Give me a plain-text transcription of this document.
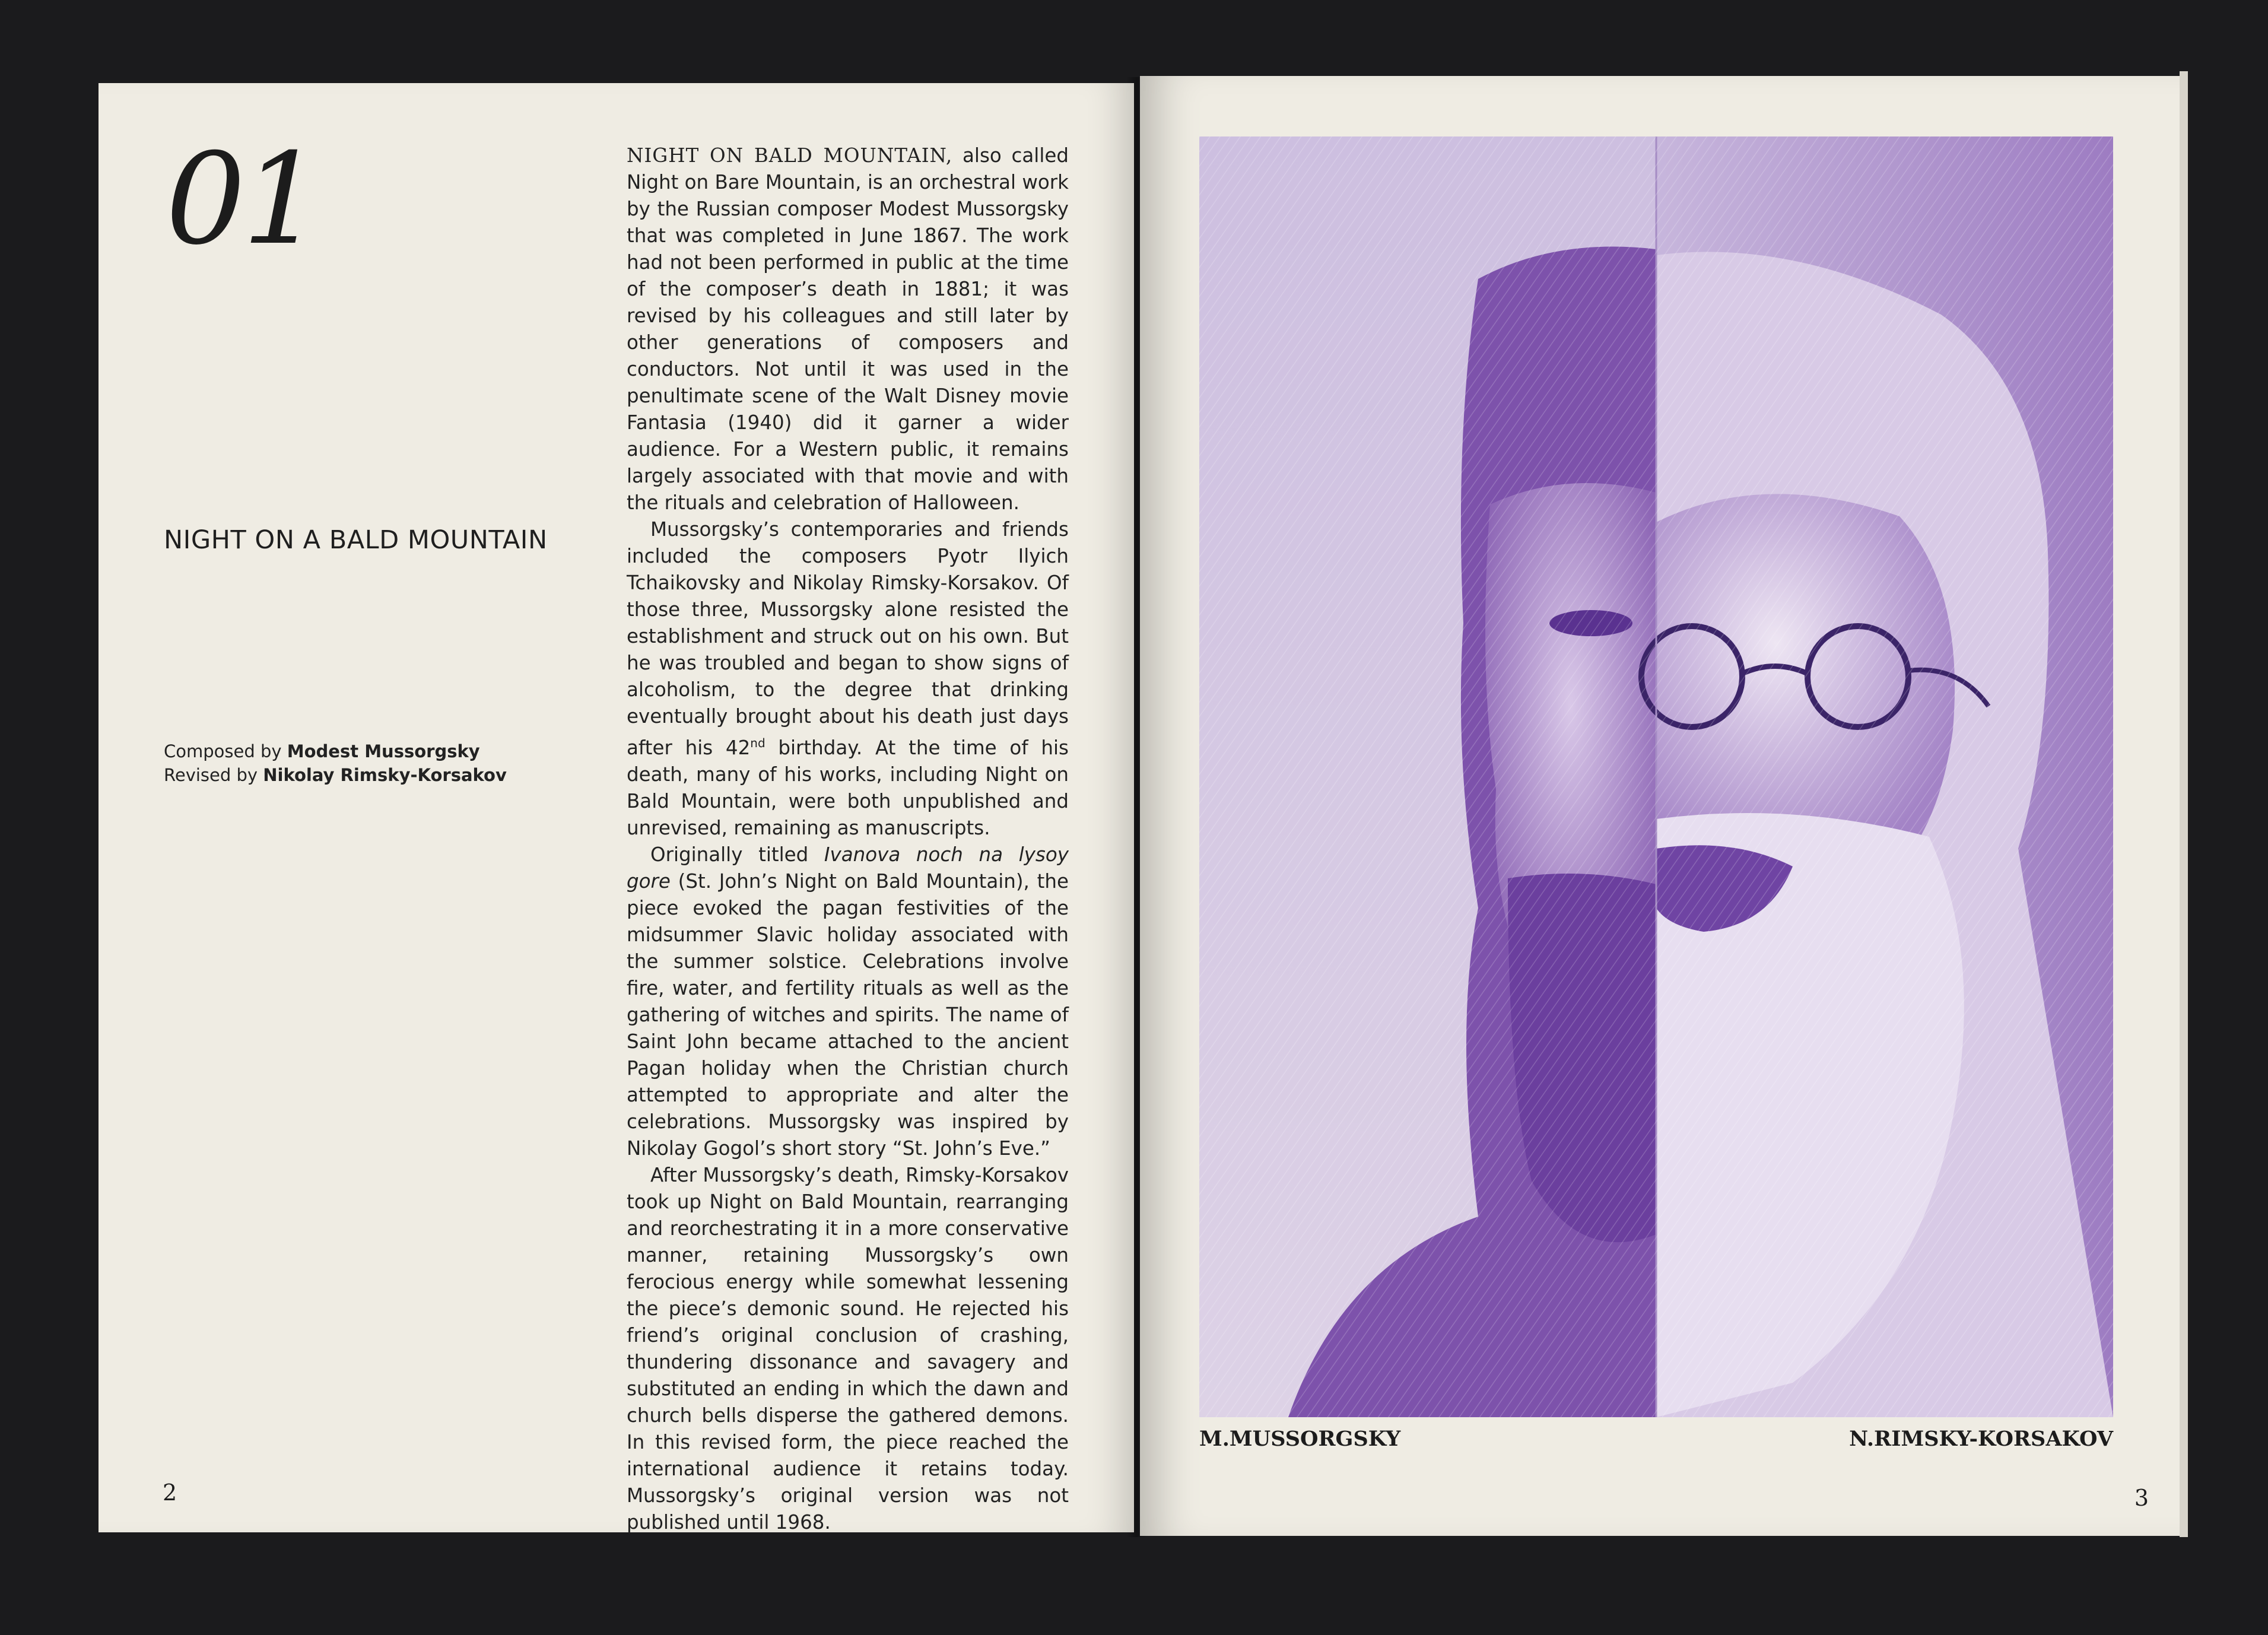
01
NIGHT ON A BALD MOUNTAIN
Composed by Modest Mussorgsky
Revised by Nikolay Rimsky-Korsakov

NIGHT ON BALD MOUNTAIN, also called Night on Bare Mountain, is an orchestral work by the Russian composer Modest Mussorgsky that was completed in June 1867. The work had not been performed in public at the time of the composer’s death in 1881; it was revised by his colleagues and still later by other generations of composers and conductors. Not until it was used in the penultimate scene of the Walt Disney movie Fantasia (1940) did it garner a wider audience. For a Western public, it remains largely associated with that movie and with the rituals and celebration of Halloween.

Mussorgsky’s contemporaries and friends included the composers Pyotr Ilyich Tchaikovsky and Nikolay Rimsky-Korsakov. Of those three, Mussorgsky alone resisted the establishment and struck out on his own. But he was troubled and began to show signs of alcoholism, to the degree that drinking eventually brought about his death just days after his 42nd birthday. At the time of his death, many of his works, including Night on Bald Mountain, were both unpublished and unrevised, remaining as manuscripts.

Originally titled Ivanova noch na lysoy gore (St. John’s Night on Bald Mountain), the piece evoked the pagan festivities of the midsummer Slavic holiday associated with the summer solstice. Celebrations involve fire, water, and fertility rituals as well as the gathering of witches and spirits. The name of Saint John became attached to the ancient Pagan holiday when the Christian church attempted to appropriate and alter the celebrations. Mussorgsky was inspired by Nikolay Gogol’s short story “St. John’s Eve.”

After Mussorgsky’s death, Rimsky-Korsakov took up Night on Bald Mountain, rearranging and reorchestrating it in a more conservative manner, retaining Mussorgsky’s own ferocious energy while somewhat lessening the piece’s demonic sound. He rejected his friend’s original conclusion of crashing, thundering dissonance and savagery and substituted an ending in which the dawn and church bells disperse the gathered demons. In this revised form, the piece reached the international audience it retains today. Mussorgsky’s original version was not published until 1968.

2
M.MUSSORGSKY	N.RIMSKY-KORSAKOV
3
